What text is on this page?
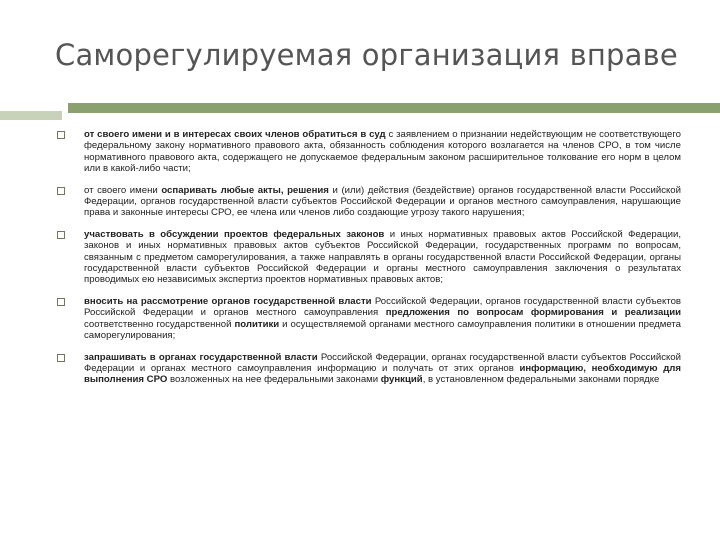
Саморегулируемая организация вправе
от своего имени и в интересах своих членов обратиться в суд с заявлением о признании недействующим не соответствующего федеральному закону нормативного правового акта, обязанность соблюдения которого возлагается на членов СРО, в том числе нормативного правового акта, содержащего не допускаемое федеральным законом расширительное толкование его норм в целом или в какой-либо части;
от своего имени оспаривать любые акты, решения и (или) действия (бездействие) органов государственной власти Российской Федерации, органов государственной власти субъектов Российской Федерации и органов местного самоуправления, нарушающие права и законные интересы СРО, ее члена или членов либо создающие угрозу такого нарушения;
участвовать в обсуждении проектов федеральных законов и иных нормативных правовых актов Российской Федерации, законов и иных нормативных правовых актов субъектов Российской Федерации, государственных программ по вопросам, связанным с предметом саморегулирования, а также направлять в органы государственной власти Российской Федерации, органы государственной власти субъектов Российской Федерации и органы местного самоуправления заключения о результатах проводимых ею независимых экспертиз проектов нормативных правовых актов;
вносить на рассмотрение органов государственной власти Российской Федерации, органов государственной власти субъектов Российской Федерации и органов местного самоуправления предложения по вопросам формирования и реализации соответственно государственной политики и осуществляемой органами местного самоуправления политики в отношении предмета саморегулирования;
запрашивать в органах государственной власти Российской Федерации, органах государственной власти субъектов Российской Федерации и органах местного самоуправления информацию и получать от этих органов информацию, необходимую для выполнения СРО возложенных на нее федеральными законами функций, в установленном федеральными законами порядке
